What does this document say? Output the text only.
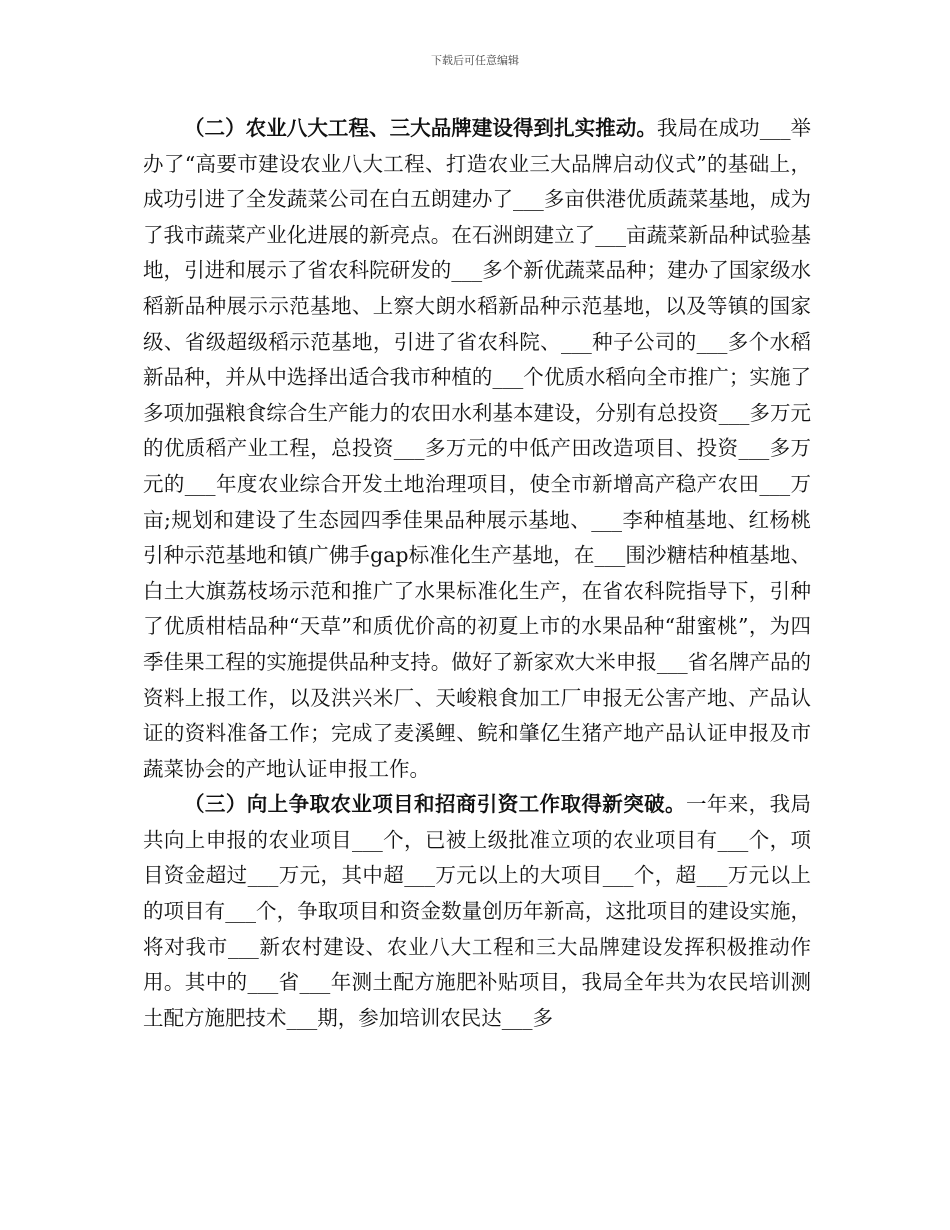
下载后可任意编辑

（二）农业八大工程、三大品牌建设得到扎实推动。我局在成功___举办了“高要市建设农业八大工程、打造农业三大品牌启动仪式”的基础上，成功引进了全发蔬菜公司在白五朗建办了___多亩供港优质蔬菜基地，成为了我市蔬菜产业化进展的新亮点。在石洲朗建立了___亩蔬菜新品种试验基地，引进和展示了省农科院研发的___多个新优蔬菜品种；建办了国家级水稻新品种展示示范基地、上察大朗水稻新品种示范基地，以及等镇的国家级、省级超级稻示范基地，引进了省农科院、___种子公司的___多个水稻新品种，并从中选择出适合我市种植的___个优质水稻向全市推广；实施了多项加强粮食综合生产能力的农田水利基本建设，分别有总投资___多万元的优质稻产业工程，总投资___多万元的中低产田改造项目、投资___多万元的___年度农业综合开发土地治理项目，使全市新增高产稳产农田___万亩;规划和建设了生态园四季佳果品种展示基地、___李种植基地、红杨桃引种示范基地和镇广佛手gap标准化生产基地，在___围沙糖桔种植基地、白土大旗荔枝场示范和推广了水果标准化生产，在省农科院指导下，引种了优质柑桔品种“天草”和质优价高的初夏上市的水果品种“甜蜜桃”，为四季佳果工程的实施提供品种支持。做好了新家欢大米申报___省名牌产品的资料上报工作，以及洪兴米厂、天峻粮食加工厂申报无公害产地、产品认证的资料准备工作；完成了麦溪鲤、鲩和肇亿生猪产地产品认证申报及市蔬菜协会的产地认证申报工作。

（三）向上争取农业项目和招商引资工作取得新突破。一年来，我局共向上申报的农业项目___个，已被上级批准立项的农业项目有___个，项目资金超过___万元，其中超___万元以上的大项目___个，超___万元以上的项目有___个，争取项目和资金数量创历年新高，这批项目的建设实施，将对我市___新农村建设、农业八大工程和三大品牌建设发挥积极推动作用。其中的___省___年测土配方施肥补贴项目，我局全年共为农民培训测土配方施肥技术___期，参加培训农民达___多
